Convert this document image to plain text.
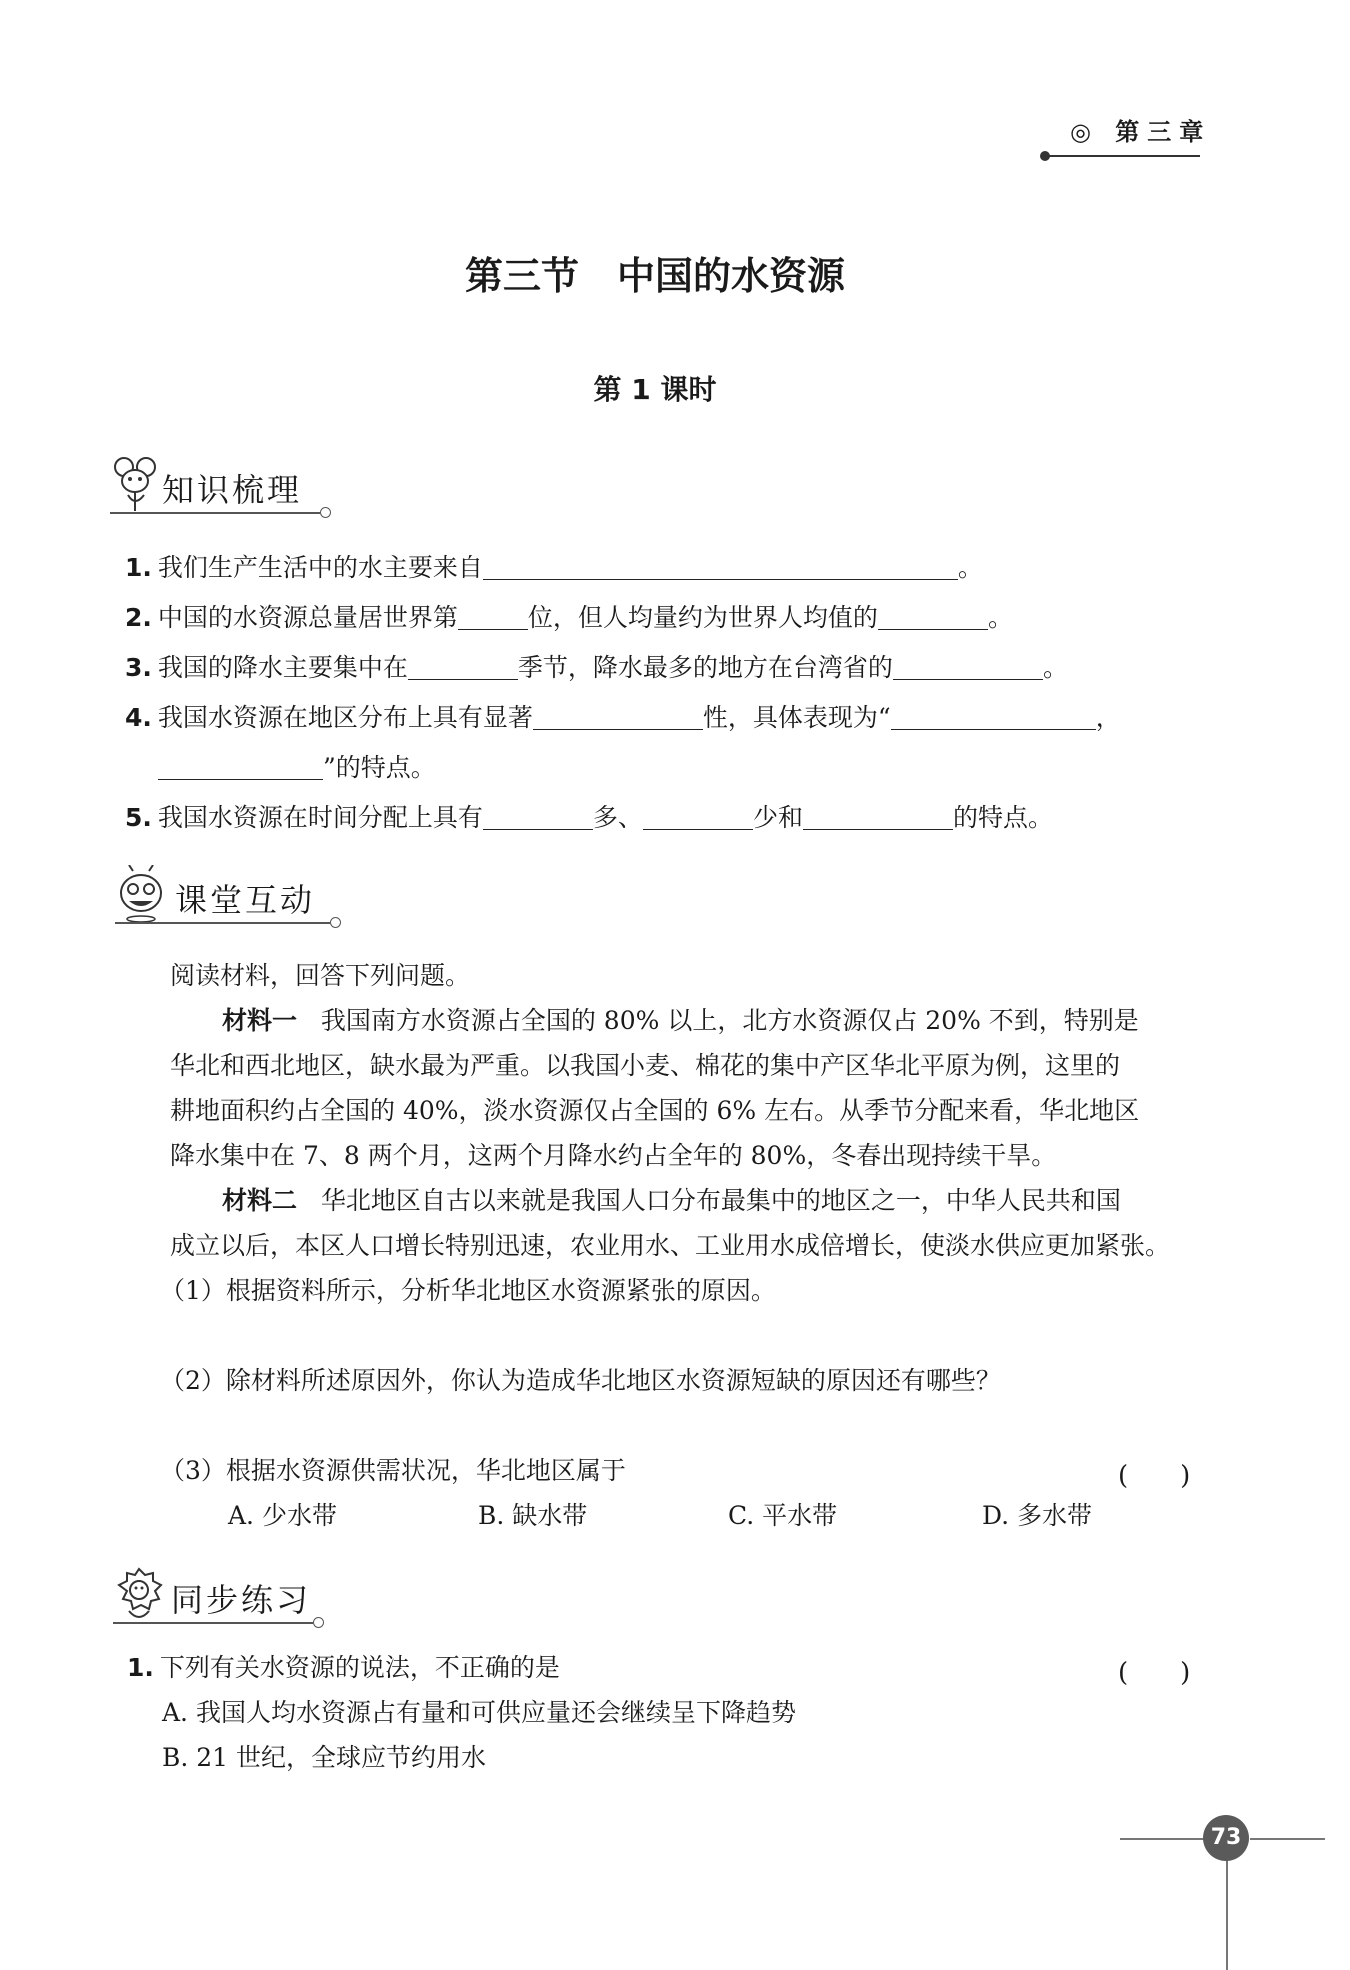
◎ 第三章
第三节　中国的水资源
第 1 课时
知识梳理
1. 我们生产生活中的水主要来自	。
2. 中国的水资源总量居世界第	位，但人均量约为世界人均值的	。
3. 我国的降水主要集中在	季节，降水最多的地方在台湾省的	。
4. 我国水资源在地区分布上具有显著	性，具体表现为“	，
”的特点。
5. 我国水资源在时间分配上具有	多、	少和	的特点。
课堂互动
阅读材料，回答下列问题。
材料一 我国南方水资源占全国的 80% 以上，北方水资源仅占 20% 不到，特别是
华北和西北地区，缺水最为严重。以我国小麦、棉花的集中产区华北平原为例，这里的
耕地面积约占全国的 40%，淡水资源仅占全国的 6% 左右。从季节分配来看，华北地区
降水集中在 7、8 两个月，这两个月降水约占全年的 80%，冬春出现持续干旱。
材料二 华北地区自古以来就是我国人口分布最集中的地区之一，中华人民共和国
成立以后，本区人口增长特别迅速，农业用水、工业用水成倍增长，使淡水供应更加紧张。
（1）根据资料所示，分析华北地区水资源紧张的原因。
（2）除材料所述原因外，你认为造成华北地区水资源短缺的原因还有哪些？
（3）根据水资源供需状况，华北地区属于	(　　)
A. 少水带	B. 缺水带	C. 平水带	D. 多水带
同步练习
1. 下列有关水资源的说法，不正确的是	(　　)
A. 我国人均水资源占有量和可供应量还会继续呈下降趋势
B. 21 世纪，全球应节约用水
73
